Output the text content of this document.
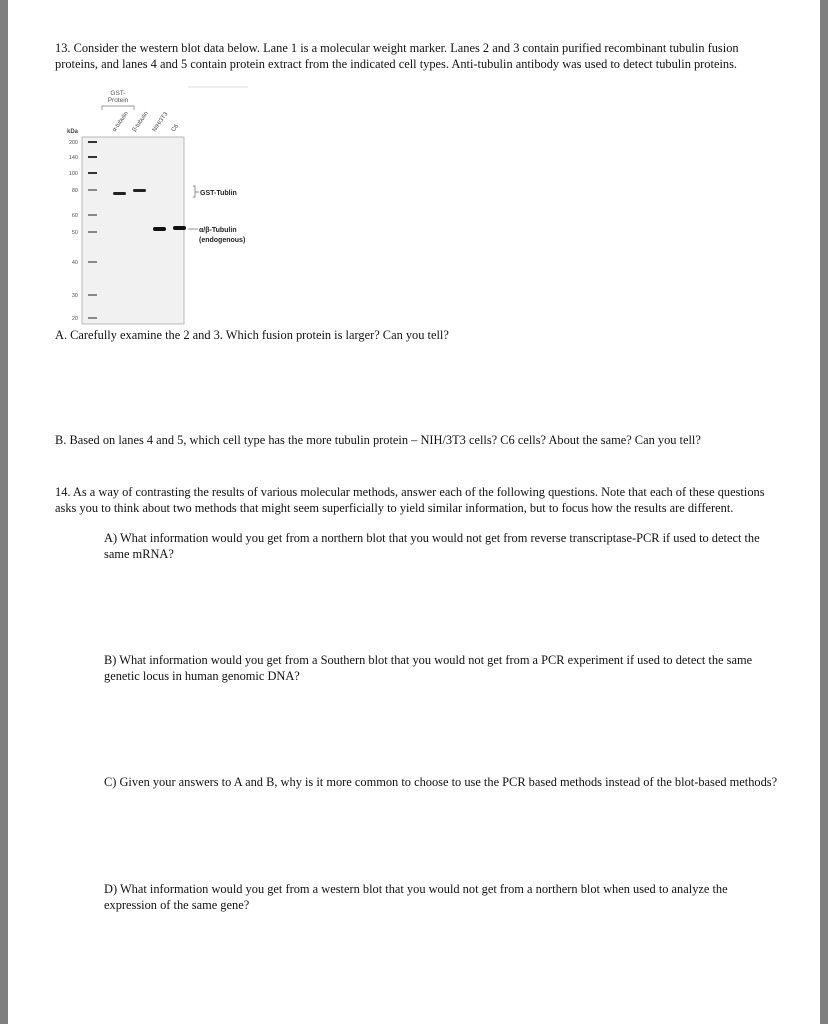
13. Consider the western blot data below. Lane 1 is a molecular weight marker. Lanes 2 and 3 contain purified recombinant tubulin fusion proteins, and lanes 4 and 5 contain protein extract from the indicated cell types. Anti-tubulin antibody was used to detect tubulin proteins.

GST-
Protein
α-tubulin β-tubulin NIH/3T3 C6
kDa
200
140
100
80
60
50
40
30
20
GST-Tublin
α/β-Tubulin
(endogenous)

A. Carefully examine the 2 and 3. Which fusion protein is larger? Can you tell?

B. Based on lanes 4 and 5, which cell type has the more tubulin protein – NIH/3T3 cells? C6 cells? About the same? Can you tell?

14. As a way of contrasting the results of various molecular methods, answer each of the following questions. Note that each of these questions asks you to think about two methods that might seem superficially to yield similar information, but to focus how the results are different.

A) What information would you get from a northern blot that you would not get from reverse transcriptase-PCR if used to detect the same mRNA?

B) What information would you get from a Southern blot that you would not get from a PCR experiment if used to detect the same genetic locus in human genomic DNA?

C) Given your answers to A and B, why is it more common to choose to use the PCR based methods instead of the blot-based methods?

D) What information would you get from a western blot that you would not get from a northern blot when used to analyze the expression of the same gene?
